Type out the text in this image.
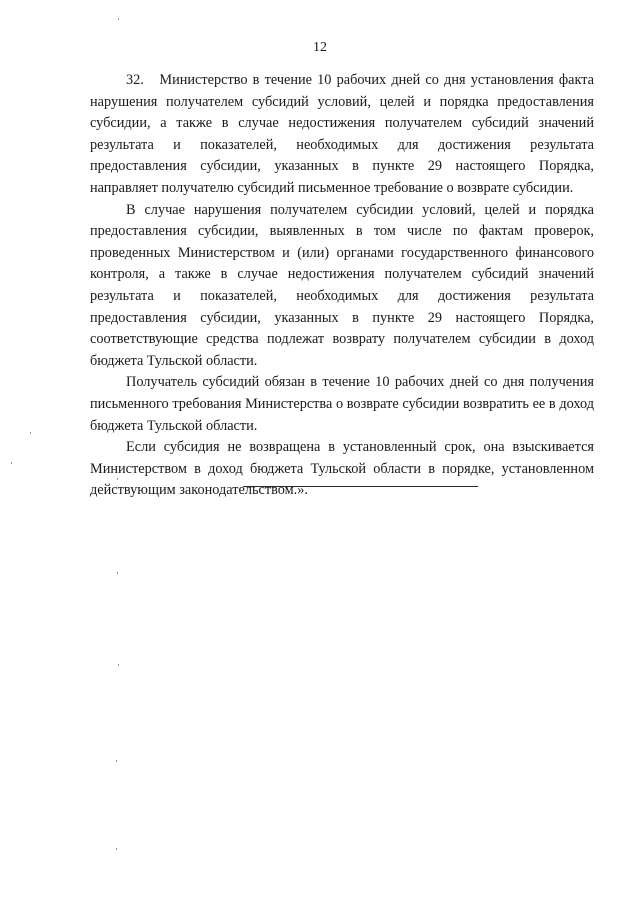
12

32.   Министерство в течение 10 рабочих дней со дня установления факта нарушения получателем субсидий условий, целей и порядка предоставления субсидии, а также в случае недостижения получателем субсидий значений результата и показателей, необходимых для достижения результата предоставления субсидии, указанных в пункте 29 настоящего Порядка, направляет получателю субсидий письменное требование о возврате субсидии.

В случае нарушения получателем субсидии условий, целей и порядка предоставления субсидии, выявленных в том числе по фактам проверок, проведенных Министерством и (или) органами государственного финансового контроля, а также в случае недостижения получателем субсидий значений результата и показателей, необходимых для достижения результата предоставления субсидии, указанных в пункте 29 настоящего Порядка, соответствующие средства подлежат возврату получателем субсидии в доход бюджета Тульской области.

Получатель субсидий обязан в течение 10 рабочих дней со дня получения письменного требования Министерства о возврате субсидии возвратить ее в доход бюджета Тульской области.

Если субсидия не возвращена в установленный срок, она взыскивается Министерством в доход бюджета Тульской области в порядке, установленном действующим законодательством.».
